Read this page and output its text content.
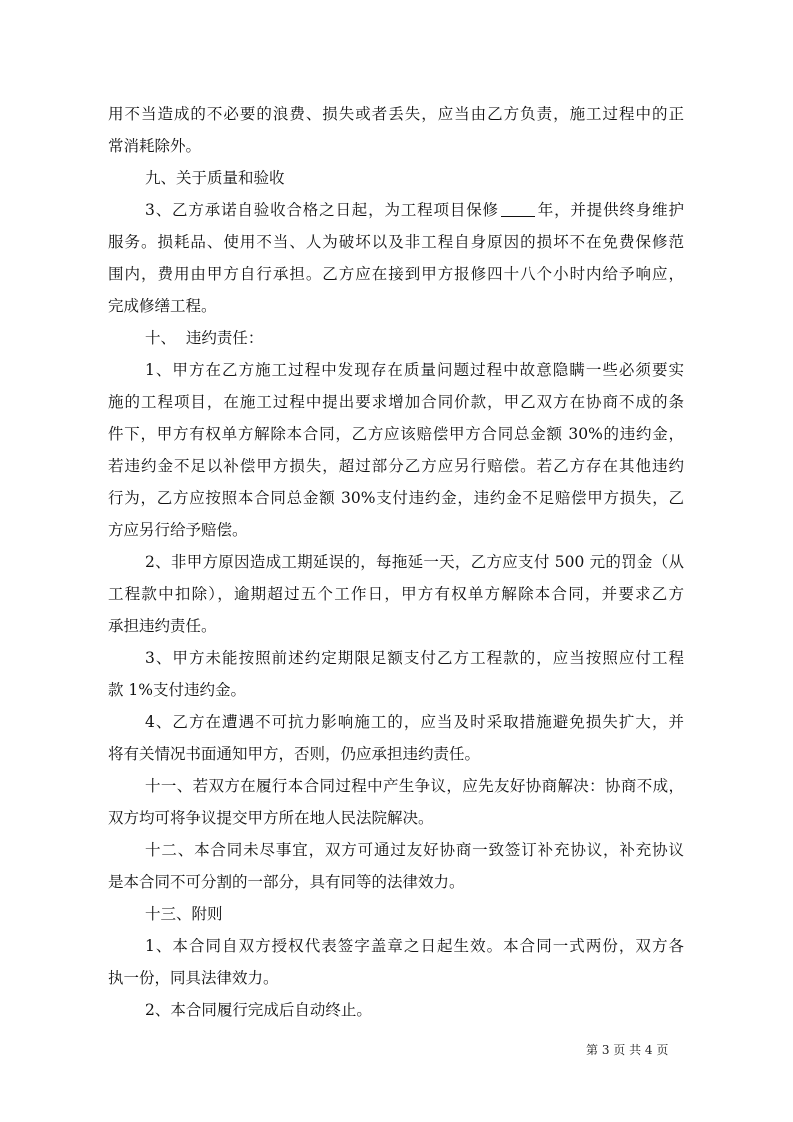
用不当造成的不必要的浪费、损失或者丢失，应当由乙方负责，施工过程中的正
常消耗除外。
九、关于质量和验收
3、乙方承诺自验收合格之日起，为工程项目保修 年，并提供终身维护
服务。损耗品、使用不当、人为破坏以及非工程自身原因的损坏不在免费保修范
围内，费用由甲方自行承担。乙方应在接到甲方报修四十八个小时内给予响应，
完成修缮工程。
十、  违约责任：
1、甲方在乙方施工过程中发现存在质量问题过程中故意隐瞒一些必须要实
施的工程项目，在施工过程中提出要求增加合同价款，甲乙双方在协商不成的条
件下，甲方有权单方解除本合同，乙方应该赔偿甲方合同总金额 30%的违约金，
若违约金不足以补偿甲方损失，超过部分乙方应另行赔偿。若乙方存在其他违约
行为，乙方应按照本合同总金额 30%支付违约金，违约金不足赔偿甲方损失，乙
方应另行给予赔偿。
2、非甲方原因造成工期延误的，每拖延一天，乙方应支付 500 元的罚金（从
工程款中扣除），逾期超过五个工作日，甲方有权单方解除本合同，并要求乙方
承担违约责任。
3、甲方未能按照前述约定期限足额支付乙方工程款的，应当按照应付工程
款 1%支付违约金。
4、乙方在遭遇不可抗力影响施工的，应当及时采取措施避免损失扩大，并
将有关情况书面通知甲方，否则，仍应承担违约责任。
十一、若双方在履行本合同过程中产生争议，应先友好协商解决：协商不成，
双方均可将争议提交甲方所在地人民法院解决。
十二、本合同未尽事宜，双方可通过友好协商一致签订补充协议，补充协议
是本合同不可分割的一部分，具有同等的法律效力。
十三、附则
1、本合同自双方授权代表签字盖章之日起生效。本合同一式两份，双方各
执一份，同具法律效力。
2、本合同履行完成后自动终止。
第 3 页 共 4 页
